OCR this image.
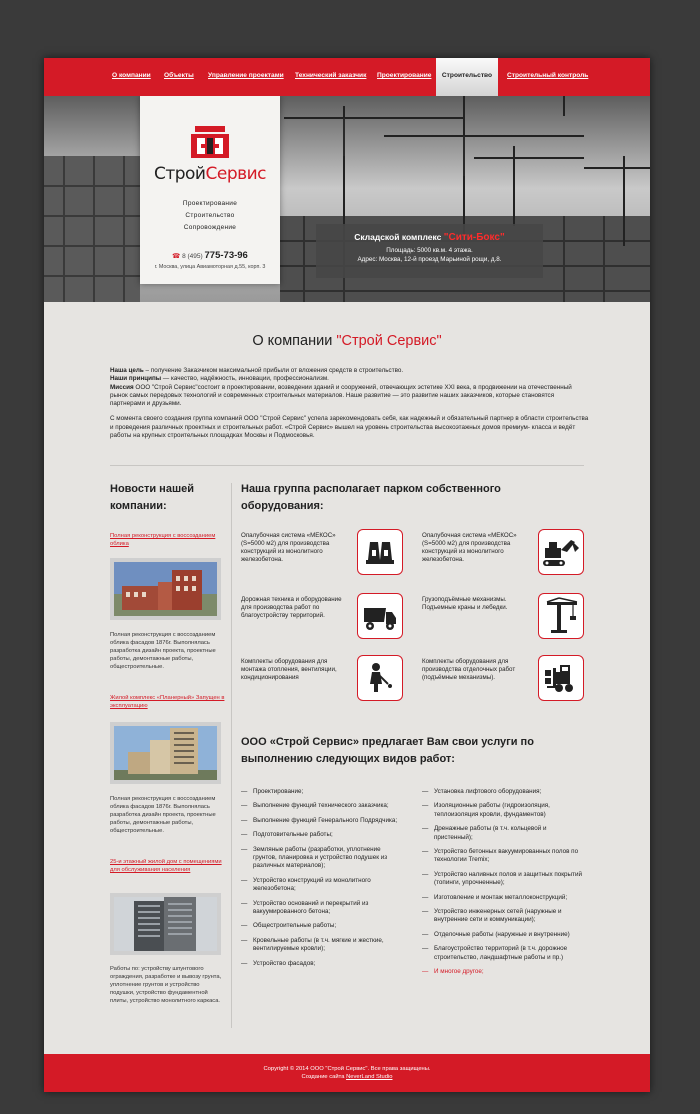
О компании Объекты Управление проектами Технический заказчик Проектирование	Строительство	Строительный контроль
СтройСервис
Проектирование
Строительство
Сопровождение
☎ 8 (495) 775-73-96
г. Москва, улица Авиамоторная д.55, корп. 3
Складской комплекс "Сити-Бокс"
Площадь: 5000 кв.м. 4 этажа.
Адрес: Москва, 12-й проезд Марьиной рощи, д.8.
О компании "Строй Сервис"

Наша цель – получение Заказчиком максимальной прибыли от вложения средств в строительство.
Наши принципы — качество, надёжность, инновации, профессионализм.
Миссия ООО "Строй Сервис"состоит в проектировании, возведении зданий и сооружений, отвечающих эстетике XXI века, в продвижении на отечественный рынок самых передовых технологий и современных строительных материалов. Наше развитие — это развитие наших заказчиков, которые становятся партнерами и друзьями.

С момента своего создания группа компаний ООО "Строй Сервис" успела зарекомендовать себя, как надежный и обязательный партнер в области строительства и проведения различных проектных и строительных работ. «Строй Сервис» вышел на уровень строительства высокоэтажных домов премиум- класса и ведёт работы на крупных строительных площадках Москвы и Подмосковья.

Новости нашей компании:
Полная реконструкция с воссозданием облика
Полная реконструкция с воссозданием облика фасадов 1876г. Выполнялась разработка дизайн проекта, проектные работы, демонтажные работы, общестроительные.
Жилой комплекс «Планерный» Запущен в эксплуатацию
Полная реконструкция с воссозданием облика фасадов 1876г. Выполнялась разработка дизайн проекта, проектные работы, демонтажные работы, общестроительные.
25-и этажный жилой дом с помещениями для обслуживания населения
Работы по: устройству шпунтового ограждения, разработке и вывозу грунта, уплотнение грунтов и устройство подушки, устройство фундаментной плиты, устройство монолитного каркаса.
Наша группа располагает парком собственного оборудования:
Опалубочная система «МЕКОС» (S=5000 м2) для производства конструкций из монолитного железобетона.
Опалубочная система «МЕКОС» (S=5000 м2) для производства конструкций из монолитного железобетона.
Дорожная техника и оборудование для производства работ по благоустройству территорий.
Грузоподъёмные механизмы. Подъемные краны и лебедки.
Комплекты оборудования для монтажа отопления, вентиляции, кондиционирования
Комплекты оборудования для производства отделочных работ (подъёмные механизмы).
ООО «Строй Сервис» предлагает Вам свои услуги по выполнению следующих видов работ:
— Проектирование;
— Выполнение функций технического заказчика;
— Выполнение функций Генерального Подрядчика;
— Подготовительные работы;
— Земляные работы (разработки, уплотнение грунтов, планировка и устройство подушек из различных материалов);
— Устройство конструкций из монолитного железобетона;
— Устройство оснований и перекрытий из вакуумированного бетона;
— Общестроительные работы;
— Кровельные работы (в т.ч. мягкие и жесткие, вентилируемые кровли);
— Устройство фасадов;
— Установка лифтового оборудования;
— Изоляционные работы (гидроизоляция, теплоизоляция кровли, фундаментов)
— Дренажные работы (в т.ч. кольцевой и пристенный);
— Устройство бетонных вакуумированных полов по технологии Tremix;
— Устройство наливных полов и защитных покрытий (топинги, упрочненные);
— Изготовление и монтаж металлоконструкций;
— Устройство инженерных сетей (наружные и внутренние сети и коммуникации);
— Отделочные работы (наружные и внутренние)
— Благоустройство территорий (в т.ч. дорожное строительство, ландшафтные работы и пр.)
— И многое другое;
Copyright © 2014 ООО "Строй Сервис". Все права защищены.
Создание сайта NeverLand Studio
